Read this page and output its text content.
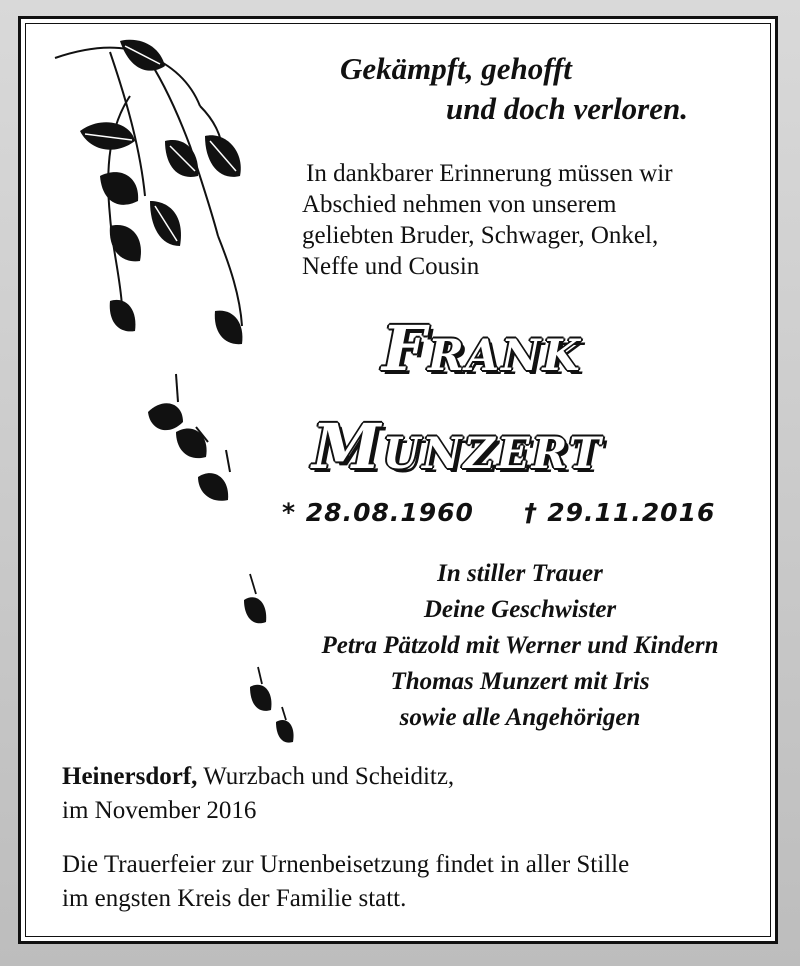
Gekämpft, gehofft
und doch verloren.
In dankbarer Erinnerung müssen wir
Abschied nehmen von unserem
geliebten Bruder, Schwager, Onkel,
Neffe und Cousin
Frank
Munzert
* 28.08.1960 † 29.11.2016
In stiller Trauer
Deine Geschwister
Petra Pätzold mit Werner und Kindern
Thomas Munzert mit Iris
sowie alle Angehörigen
Heinersdorf, Wurzbach und Scheiditz,
im November 2016
Die Trauerfeier zur Urnenbeisetzung findet in aller Stille
im engsten Kreis der Familie statt.
